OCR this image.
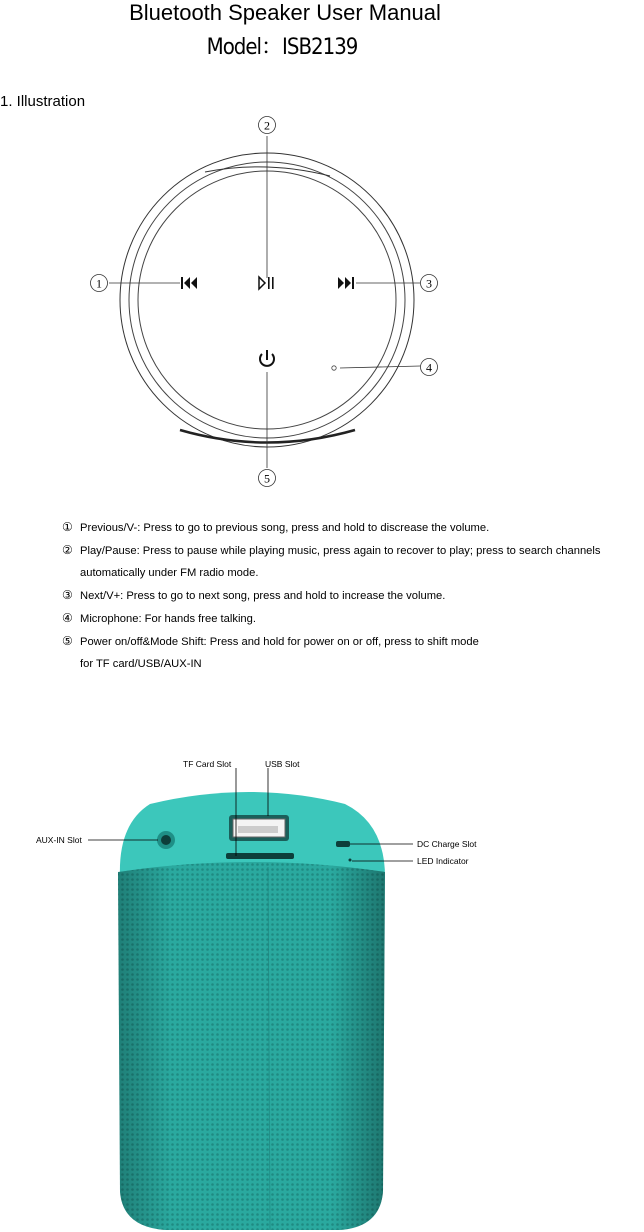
Bluetooth Speaker User Manual
Model：ISB2139
1. Illustration
2
1	3
4
5
① Previous/V-: Press to go to previous song, press and hold to discrease the volume.
② Play/Pause: Press to pause while playing music, press again to recover to play; press to search channels
automatically under FM radio mode.
③ Next/V+: Press to go to next song, press and hold to increase the volume.
④ Microphone: For hands free talking.
⑤ Power on/off&Mode Shift: Press and hold for power on or off, press to shift mode
for TF card/USB/AUX-IN
TF Card Slot	USB Slot
AUX-IN Slot	DC Charge Slot
LED Indicator
